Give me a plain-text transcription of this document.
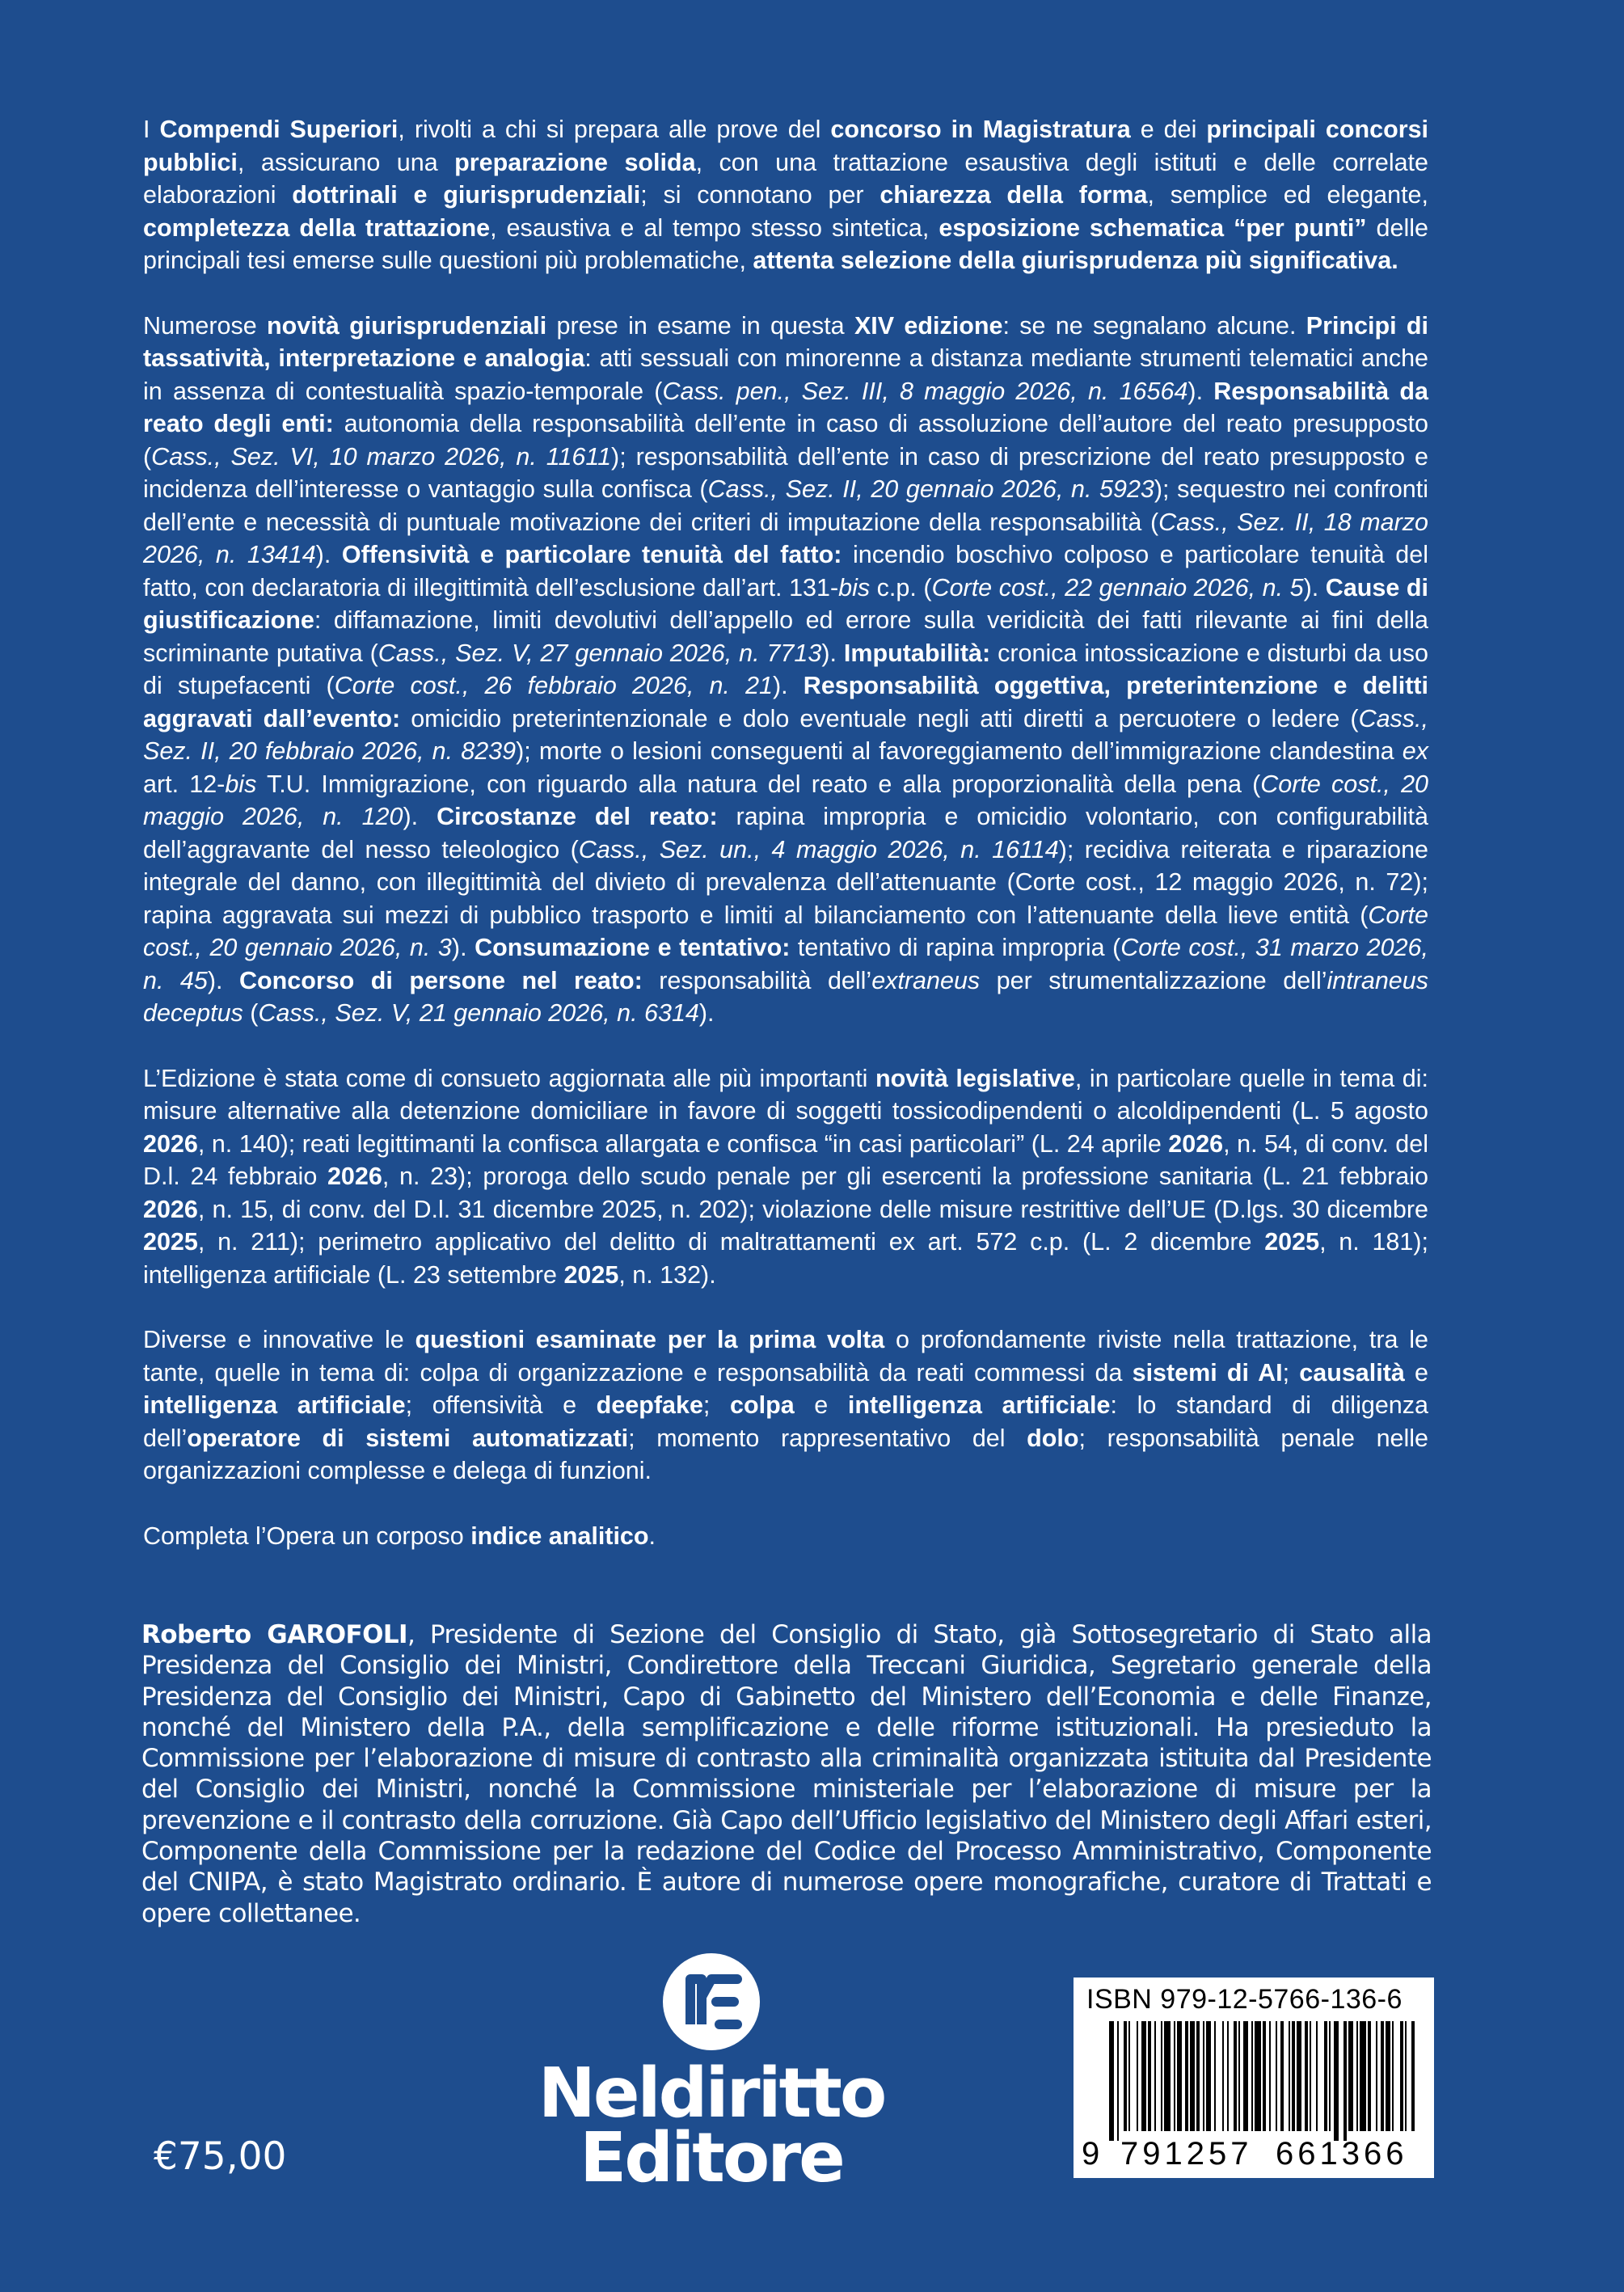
I Compendi Superiori, rivolti a chi si prepara alle prove del concorso in Magistratura e dei principali concorsi pubblici, assicurano una preparazione solida, con una trattazione esaustiva degli istituti e delle correlate elaborazioni dottrinali e giurisprudenziali; si connotano per chiarezza della forma, semplice ed elegante, completezza della trattazione, esaustiva e al tempo stesso sintetica, esposizione schematica “per punti” delle principali tesi emerse sulle questioni più problematiche, attenta selezione della giurisprudenza più significativa.

Numerose novità giurisprudenziali prese in esame in questa XIV edizione: se ne segnalano alcune. Principi di tassatività, interpretazione e analogia: atti sessuali con minorenne a distanza mediante strumenti telematici anche in assenza di contestualità spazio-temporale (Cass. pen., Sez. III, 8 maggio 2026, n. 16564). Responsabilità da reato degli enti: autonomia della responsabilità dell’ente in caso di assoluzione dell’autore del reato presupposto (Cass., Sez. VI, 10 marzo 2026, n. 11611); responsabilità dell’ente in caso di prescrizione del reato presupposto e incidenza dell’interesse o vantaggio sulla confisca (Cass., Sez. II, 20 gennaio 2026, n. 5923); sequestro nei confronti dell’ente e necessità di puntuale motivazione dei criteri di imputazione della responsabilità (Cass., Sez. II, 18 marzo 2026, n. 13414). Offensività e particolare tenuità del fatto: incendio boschivo colposo e particolare tenuità del fatto, con declaratoria di illegittimità dell’esclusione dall’art. 131-bis c.p. (Corte cost., 22 gennaio 2026, n. 5). Cause di giustificazione: diffamazione, limiti devolutivi dell’appello ed errore sulla veridicità dei fatti rilevante ai fini della scriminante putativa (Cass., Sez. V, 27 gennaio 2026, n. 7713). Imputabilità: cronica intossicazione e disturbi da uso di stupefacenti (Corte cost., 26 febbraio 2026, n. 21). Responsabilità oggettiva, preterintenzione e delitti aggravati dall’evento: omicidio preterintenzionale e dolo eventuale negli atti diretti a percuotere o ledere (Cass., Sez. II, 20 febbraio 2026, n. 8239); morte o lesioni conseguenti al favoreggiamento dell’immigrazione clandestina ex art. 12-bis T.U. Immigrazione, con riguardo alla natura del reato e alla proporzionalità della pena (Corte cost., 20 maggio 2026, n. 120). Circostanze del reato: rapina impropria e omicidio volontario, con configurabilità dell’aggravante del nesso teleologico (Cass., Sez. un., 4 maggio 2026, n. 16114); recidiva reiterata e riparazione integrale del danno, con illegittimità del divieto di prevalenza dell’attenuante (Corte cost., 12 maggio 2026, n. 72); rapina aggravata sui mezzi di pubblico trasporto e limiti al bilanciamento con l’attenuante della lieve entità (Corte cost., 20 gennaio 2026, n. 3). Consumazione e tentativo: tentativo di rapina impropria (Corte cost., 31 marzo 2026, n. 45). Concorso di persone nel reato: responsabilità dell’extraneus per strumentalizzazione dell’intraneus deceptus (Cass., Sez. V, 21 gennaio 2026, n. 6314).

L’Edizione è stata come di consueto aggiornata alle più importanti novità legislative, in particolare quelle in tema di: misure alternative alla detenzione domiciliare in favore di soggetti tossicodipendenti o alcoldipendenti (L. 5 agosto 2026, n. 140); reati legittimanti la confisca allargata e confisca “in casi particolari” (L. 24 aprile 2026, n. 54, di conv. del D.l. 24 febbraio 2026, n. 23); proroga dello scudo penale per gli esercenti la professione sanitaria (L. 21 febbraio 2026, n. 15, di conv. del D.l. 31 dicembre 2025, n. 202); violazione delle misure restrittive dell’UE (D.lgs. 30 dicembre 2025, n. 211); perimetro applicativo del delitto di maltrattamenti ex art. 572 c.p. (L. 2 dicembre 2025, n. 181); intelligenza artificiale (L. 23 settembre 2025, n. 132).

Diverse e innovative le questioni esaminate per la prima volta o profondamente riviste nella trattazione, tra le tante, quelle in tema di: colpa di organizzazione e responsabilità da reati commessi da sistemi di AI; causalità e intelligenza artificiale; offensività e deepfake; colpa e intelligenza artificiale: lo standard di diligenza dell’operatore di sistemi automatizzati; momento rappresentativo del dolo; responsabilità penale nelle organizzazioni complesse e delega di funzioni.

Completa l’Opera un corposo indice analitico.

Roberto GAROFOLI, Presidente di Sezione del Consiglio di Stato, già Sottosegretario di Stato alla Presidenza del Consiglio dei Ministri, Condirettore della Treccani Giuridica, Segretario generale della Presidenza del Consiglio dei Ministri, Capo di Gabinetto del Ministero dell’Economia e delle Finanze, nonché del Ministero della P.A., della semplificazione e delle riforme istituzionali. Ha presieduto la Commissione per l’elaborazione di misure di contrasto alla criminalità organizzata istituita dal Presidente del Consiglio dei Ministri, nonché la Commissione ministeriale per l’elaborazione di misure per la prevenzione e il contrasto della corruzione. Già Capo dell’Ufficio legislativo del Ministero degli Affari esteri, Componente della Commissione per la redazione del Codice del Processo Amministrativo, Componente del CNIPA, è stato Magistrato ordinario. È autore di numerose opere monografiche, curatore di Trattati e opere collettanee.
Neldiritto
Editore
€75,00
ISBN 979-12-5766-136-6
9 791257 661366
